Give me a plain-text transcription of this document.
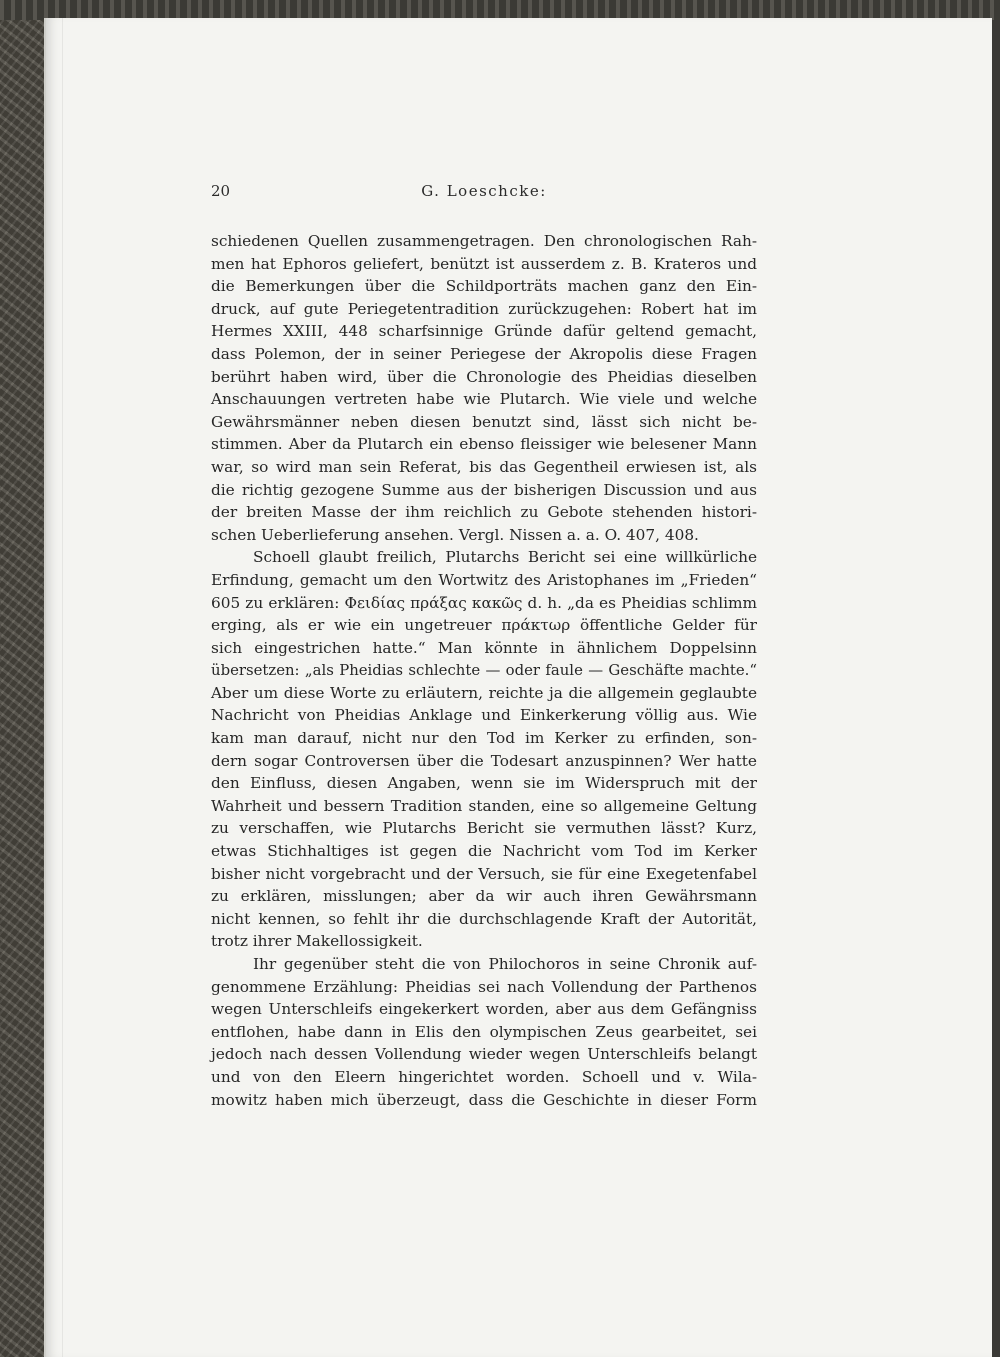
20	G. Loeschcke:
schiedenen Quellen zusammengetragen. Den chronologischen Rah-
men hat Ephoros geliefert, benützt ist ausserdem z. B. Krateros und
die Bemerkungen über die Schildporträts machen ganz den Ein-
druck, auf gute Periegetentradition zurückzugehen: Robert hat im
Hermes XXIII, 448 scharfsinnige Gründe dafür geltend gemacht,
dass Polemon, der in seiner Periegese der Akropolis diese Fragen
berührt haben wird, über die Chronologie des Pheidias dieselben
Anschauungen vertreten habe wie Plutarch. Wie viele und welche
Gewährsmänner neben diesen benutzt sind, lässt sich nicht be-
stimmen. Aber da Plutarch ein ebenso fleissiger wie belesener Mann
war, so wird man sein Referat, bis das Gegentheil erwiesen ist, als
die richtig gezogene Summe aus der bisherigen Discussion und aus
der breiten Masse der ihm reichlich zu Gebote stehenden histori-
schen Ueberlieferung ansehen. Vergl. Nissen a. a. O. 407, 408.
Schoell glaubt freilich, Plutarchs Bericht sei eine willkürliche
Erfindung, gemacht um den Wortwitz des Aristophanes im „Frieden“
605 zu erklären: Φειδίας πράξας κακῶς d. h. „da es Pheidias schlimm
erging, als er wie ein ungetreuer πράκτωρ öffentliche Gelder für
sich eingestrichen hatte.“ Man könnte in ähnlichem Doppelsinn
übersetzen: „als Pheidias schlechte — oder faule — Geschäfte machte.“
Aber um diese Worte zu erläutern, reichte ja die allgemein geglaubte
Nachricht von Pheidias Anklage und Einkerkerung völlig aus. Wie
kam man darauf, nicht nur den Tod im Kerker zu erfinden, son-
dern sogar Controversen über die Todesart anzuspinnen? Wer hatte
den Einfluss, diesen Angaben, wenn sie im Widerspruch mit der
Wahrheit und bessern Tradition standen, eine so allgemeine Geltung
zu verschaffen, wie Plutarchs Bericht sie vermuthen lässt? Kurz,
etwas Stichhaltiges ist gegen die Nachricht vom Tod im Kerker
bisher nicht vorgebracht und der Versuch, sie für eine Exegetenfabel
zu erklären, misslungen; aber da wir auch ihren Gewährsmann
nicht kennen, so fehlt ihr die durchschlagende Kraft der Autorität,
trotz ihrer Makellossigkeit.
Ihr gegenüber steht die von Philochoros in seine Chronik auf-
genommene Erzählung: Pheidias sei nach Vollendung der Parthenos
wegen Unterschleifs eingekerkert worden, aber aus dem Gefängniss
entflohen, habe dann in Elis den olympischen Zeus gearbeitet, sei
jedoch nach dessen Vollendung wieder wegen Unterschleifs belangt
und von den Eleern hingerichtet worden. Schoell und v. Wila-
mowitz haben mich überzeugt, dass die Geschichte in dieser Form
